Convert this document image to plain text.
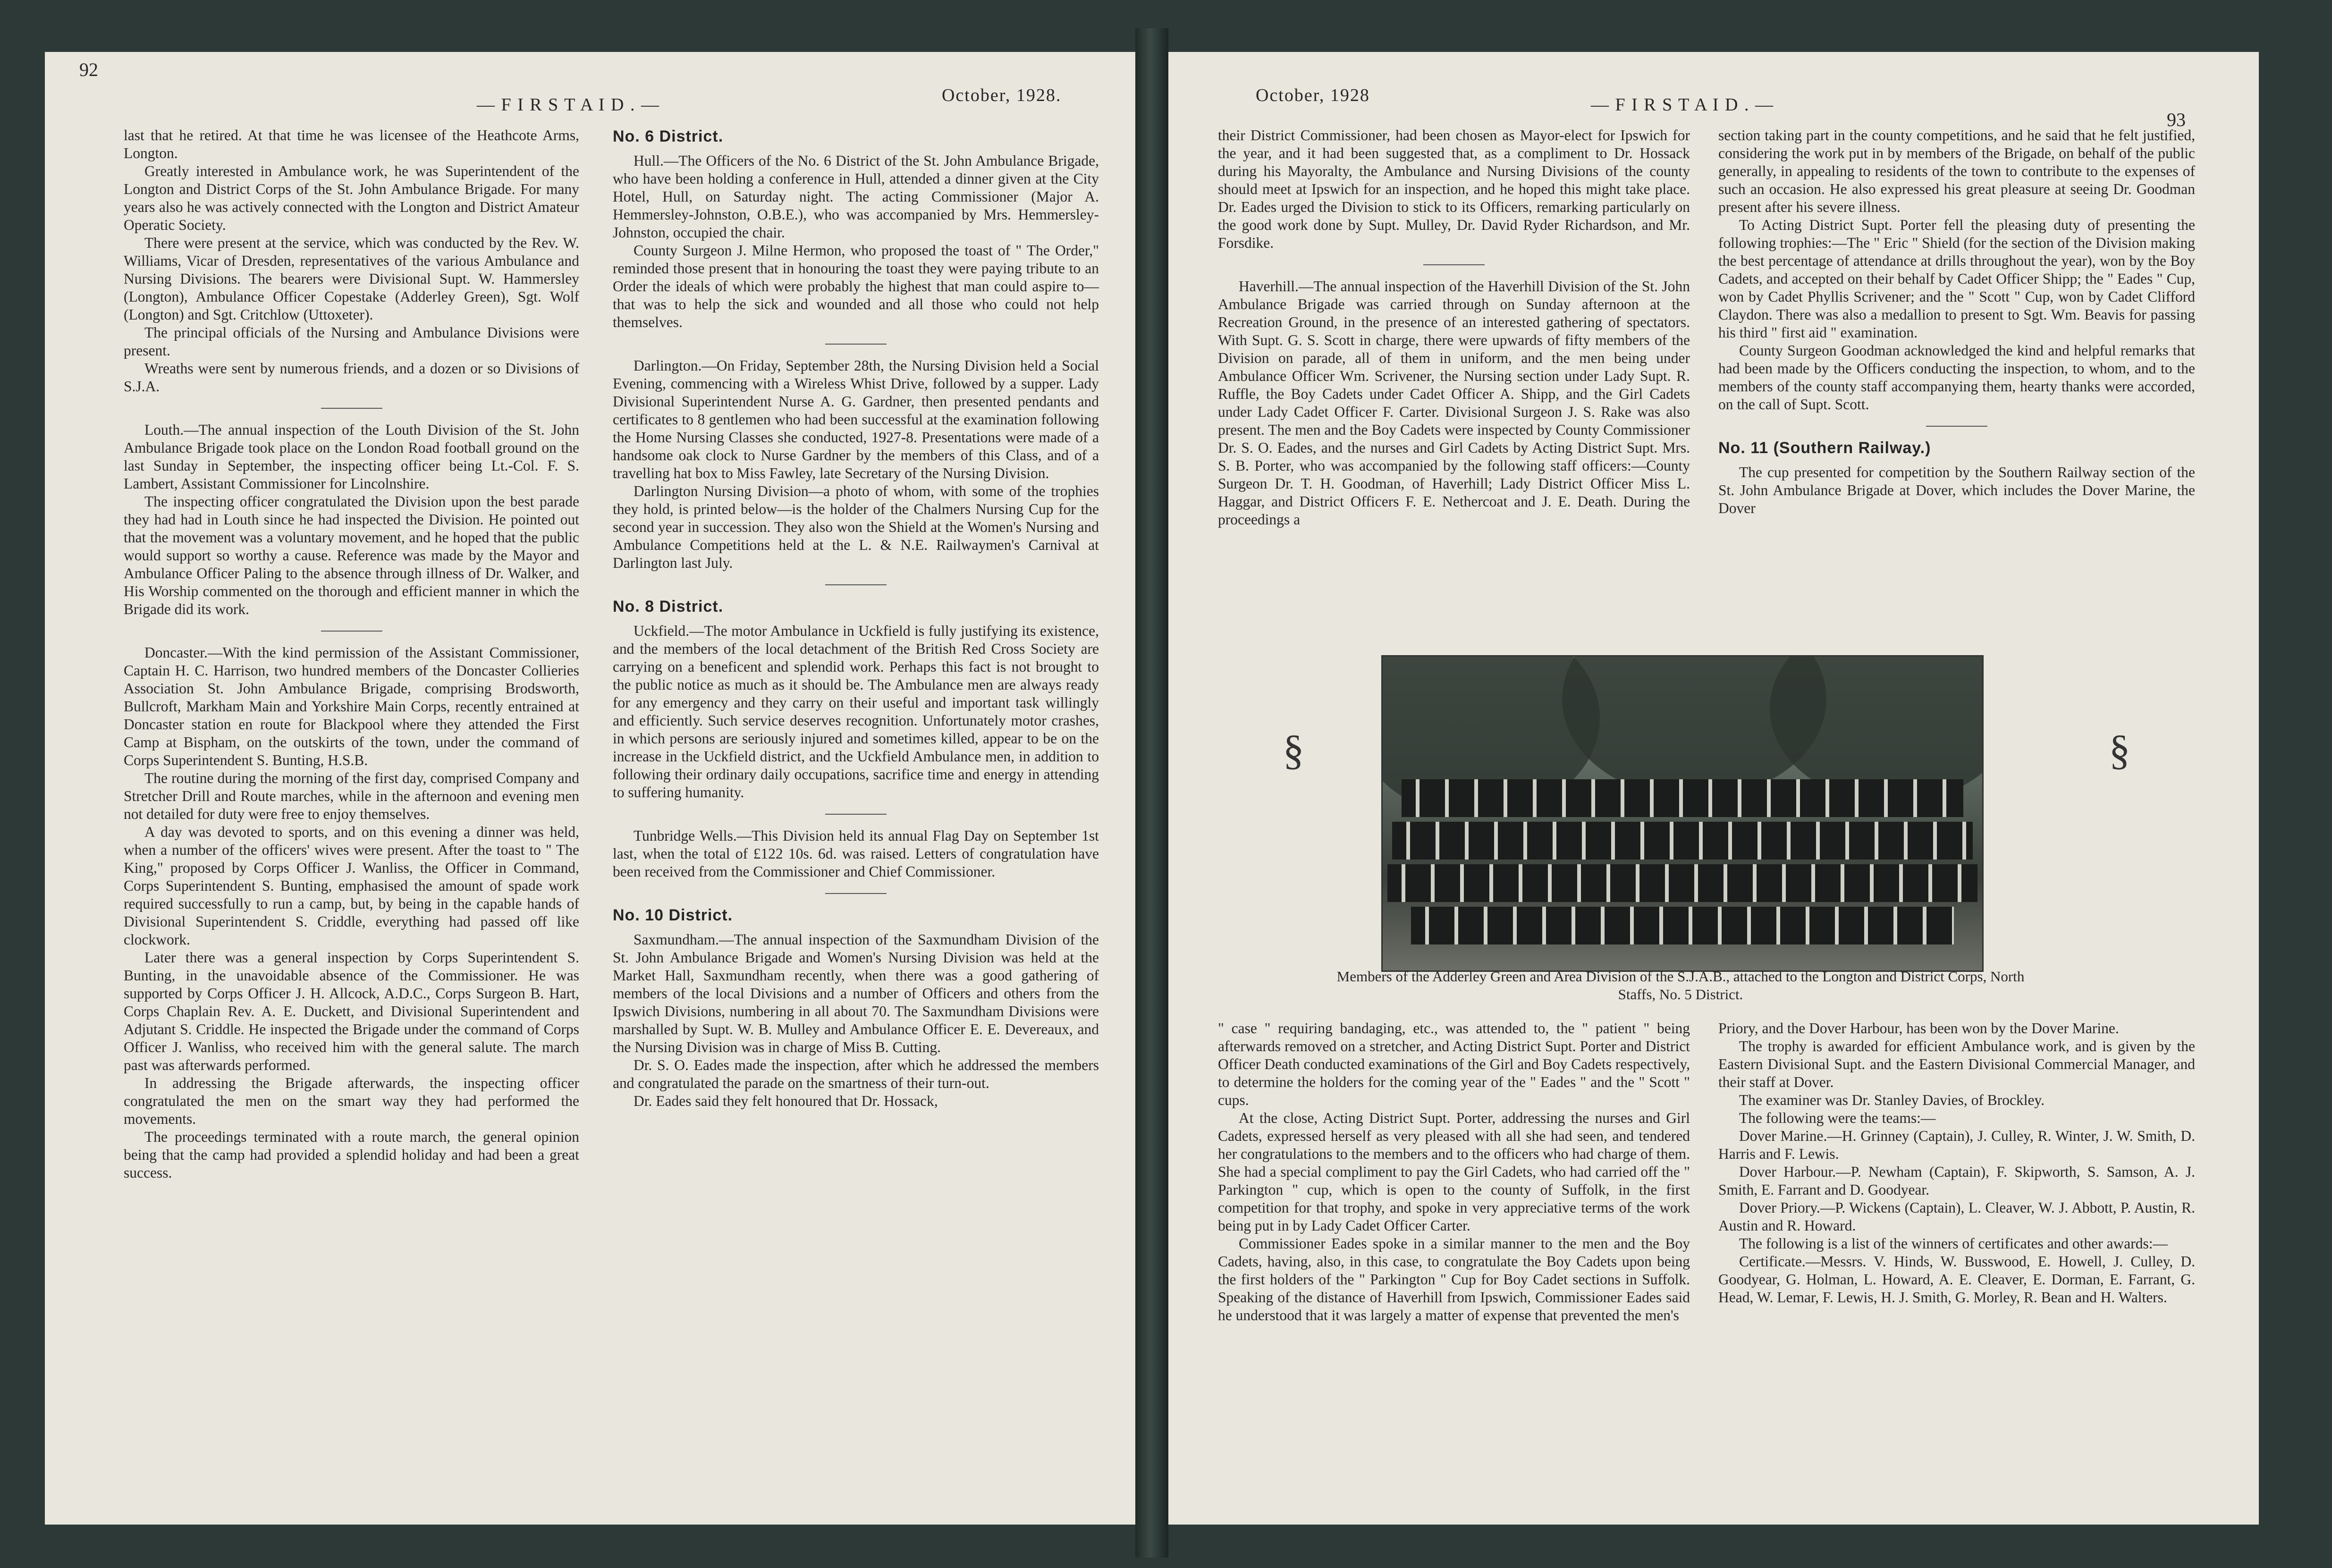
92
— F I R S T A I D . —	October, 1928.	October, 1928	— F I R S T A I D . —
93

last that he retired. At that time he was licensee of the Heathcote Arms, Longton.

Greatly interested in Ambulance work, he was Superintendent of the Longton and District Corps of the St. John Ambulance Brigade. For many years also he was actively connected with the Longton and District Amateur Operatic Society.

There were present at the service, which was conducted by the Rev. W. Williams, Vicar of Dresden, representatives of the various Ambulance and Nursing Divisions. The bearers were Divisional Supt. W. Hammersley (Longton), Ambulance Officer Copestake (Adderley Green), Sgt. Wolf (Longton) and Sgt. Critchlow (Uttoxeter).

The principal officials of the Nursing and Ambulance Divisions were present.

Wreaths were sent by numerous friends, and a dozen or so Divisions of S.J.A.

Louth.—The annual inspection of the Louth Division of the St. John Ambulance Brigade took place on the London Road football ground on the last Sunday in September, the inspecting officer being Lt.-Col. F. S. Lambert, Assistant Commissioner for Lincolnshire.

The inspecting officer congratulated the Division upon the best parade they had had in Louth since he had inspected the Division. He pointed out that the movement was a voluntary movement, and he hoped that the public would support so worthy a cause. Reference was made by the Mayor and Ambulance Officer Paling to the absence through illness of Dr. Walker, and His Worship commented on the thorough and efficient manner in which the Brigade did its work.

Doncaster.—With the kind permission of the Assistant Commissioner, Captain H. C. Harrison, two hundred members of the Doncaster Collieries Association St. John Ambulance Brigade, comprising Brodsworth, Bullcroft, Markham Main and Yorkshire Main Corps, recently entrained at Doncaster station en route for Blackpool where they attended the First Camp at Bispham, on the outskirts of the town, under the command of Corps Superintendent S. Bunting, H.S.B.

The routine during the morning of the first day, comprised Company and Stretcher Drill and Route marches, while in the afternoon and evening men not detailed for duty were free to enjoy themselves.

A day was devoted to sports, and on this evening a dinner was held, when a number of the officers' wives were present. After the toast to " The King," proposed by Corps Officer J. Wanliss, the Officer in Command, Corps Superintendent S. Bunting, emphasised the amount of spade work required successfully to run a camp, but, by being in the capable hands of Divisional Superintendent S. Criddle, everything had passed off like clockwork.

Later there was a general inspection by Corps Superintendent S. Bunting, in the unavoidable absence of the Commissioner. He was supported by Corps Officer J. H. Allcock, A.D.C., Corps Surgeon B. Hart, Corps Chaplain Rev. A. E. Duckett, and Divisional Superintendent and Adjutant S. Criddle. He inspected the Brigade under the command of Corps Officer J. Wanliss, who received him with the general salute. The march past was afterwards performed.

In addressing the Brigade afterwards, the inspecting officer congratulated the men on the smart way they had performed the movements.

The proceedings terminated with a route march, the general opinion being that the camp had provided a splendid holiday and had been a great success.

No. 6 District.

Hull.—The Officers of the No. 6 District of the St. John Ambulance Brigade, who have been holding a conference in Hull, attended a dinner given at the City Hotel, Hull, on Saturday night. The acting Commissioner (Major A. Hemmersley-Johnston, O.B.E.), who was accompanied by Mrs. Hemmersley-Johnston, occupied the chair.

County Surgeon J. Milne Hermon, who proposed the toast of " The Order," reminded those present that in honouring the toast they were paying tribute to an Order the ideals of which were probably the highest that man could aspire to—that was to help the sick and wounded and all those who could not help themselves.

Darlington.—On Friday, September 28th, the Nursing Division held a Social Evening, commencing with a Wireless Whist Drive, followed by a supper. Lady Divisional Superintendent Nurse A. G. Gardner, then presented pendants and certificates to 8 gentlemen who had been successful at the examination following the Home Nursing Classes she conducted, 1927-8. Presentations were made of a handsome oak clock to Nurse Gardner by the members of this Class, and of a travelling hat box to Miss Fawley, late Secretary of the Nursing Division.

Darlington Nursing Division—a photo of whom, with some of the trophies they hold, is printed below—is the holder of the Chalmers Nursing Cup for the second year in succession. They also won the Shield at the Women's Nursing and Ambulance Competitions held at the L. & N.E. Railwaymen's Carnival at Darlington last July.

No. 8 District.

Uckfield.—The motor Ambulance in Uckfield is fully justifying its existence, and the members of the local detachment of the British Red Cross Society are carrying on a beneficent and splendid work. Perhaps this fact is not brought to the public notice as much as it should be. The Ambulance men are always ready for any emergency and they carry on their useful and important task willingly and efficiently. Such service deserves recognition. Unfortunately motor crashes, in which persons are seriously injured and sometimes killed, appear to be on the increase in the Uckfield district, and the Uckfield Ambulance men, in addition to following their ordinary daily occupations, sacrifice time and energy in attending to suffering humanity.

Tunbridge Wells.—This Division held its annual Flag Day on September 1st last, when the total of £122 10s. 6d. was raised. Letters of congratulation have been received from the Commissioner and Chief Commissioner.

No. 10 District.

Saxmundham.—The annual inspection of the Saxmundham Division of the St. John Ambulance Brigade and Women's Nursing Division was held at the Market Hall, Saxmundham recently, when there was a good gathering of members of the local Divisions and a number of Officers and others from the Ipswich Divisions, numbering in all about 70. The Saxmundham Divisions were marshalled by Supt. W. B. Mulley and Ambulance Officer E. E. Devereaux, and the Nursing Division was in charge of Miss B. Cutting.

Dr. S. O. Eades made the inspection, after which he addressed the members and congratulated the parade on the smartness of their turn-out.

Dr. Eades said they felt honoured that Dr. Hossack,

their District Commissioner, had been chosen as Mayor-elect for Ipswich for the year, and it had been suggested that, as a compliment to Dr. Hossack during his Mayoralty, the Ambulance and Nursing Divisions of the county should meet at Ipswich for an inspection, and he hoped this might take place. Dr. Eades urged the Division to stick to its Officers, remarking particularly on the good work done by Supt. Mulley, Dr. David Ryder Richardson, and Mr. Forsdike.

Haverhill.—The annual inspection of the Haverhill Division of the St. John Ambulance Brigade was carried through on Sunday afternoon at the Recreation Ground, in the presence of an interested gathering of spectators. With Supt. G. S. Scott in charge, there were upwards of fifty members of the Division on parade, all of them in uniform, and the men being under Ambulance Officer Wm. Scrivener, the Nursing section under Lady Supt. R. Ruffle, the Boy Cadets under Cadet Officer A. Shipp, and the Girl Cadets under Lady Cadet Officer F. Carter. Divisional Surgeon J. S. Rake was also present. The men and the Boy Cadets were inspected by County Commissioner Dr. S. O. Eades, and the nurses and Girl Cadets by Acting District Supt. Mrs. S. B. Porter, who was accompanied by the following staff officers:—County Surgeon Dr. T. H. Goodman, of Haverhill; Lady District Officer Miss L. Haggar, and District Officers F. E. Nethercoat and J. E. Death. During the proceedings a

section taking part in the county competitions, and he said that he felt justified, considering the work put in by members of the Brigade, on behalf of the public generally, in appealing to residents of the town to contribute to the expenses of such an occasion. He also expressed his great pleasure at seeing Dr. Goodman present after his severe illness.

To Acting District Supt. Porter fell the pleasing duty of presenting the following trophies:—The " Eric " Shield (for the section of the Division making the best percentage of attendance at drills throughout the year), won by the Boy Cadets, and accepted on their behalf by Cadet Officer Shipp; the " Eades " Cup, won by Cadet Phyllis Scrivener; and the " Scott " Cup, won by Cadet Clifford Claydon. There was also a medallion to present to Sgt. Wm. Beavis for passing his third " first aid " examination.

County Surgeon Goodman acknowledged the kind and helpful remarks that had been made by the Officers conducting the inspection, to whom, and to the members of the county staff accompanying them, hearty thanks were accorded, on the call of Supt. Scott.

No. 11 (Southern Railway.)

The cup presented for competition by the Southern Railway section of the St. John Ambulance Brigade at Dover, which includes the Dover Marine, the Dover

§	§
Members of the Adderley Green and Area Division of the S.J.A.B., attached to the Longton and District Corps, North Staffs, No. 5 District.

" case " requiring bandaging, etc., was attended to, the " patient " being afterwards removed on a stretcher, and Acting District Supt. Porter and District Officer Death conducted examinations of the Girl and Boy Cadets respectively, to determine the holders for the coming year of the " Eades " and the " Scott " cups.

At the close, Acting District Supt. Porter, addressing the nurses and Girl Cadets, expressed herself as very pleased with all she had seen, and tendered her congratulations to the members and to the officers who had charge of them. She had a special compliment to pay the Girl Cadets, who had carried off the " Parkington " cup, which is open to the county of Suffolk, in the first competition for that trophy, and spoke in very appreciative terms of the work being put in by Lady Cadet Officer Carter.

Commissioner Eades spoke in a similar manner to the men and the Boy Cadets, having, also, in this case, to congratulate the Boy Cadets upon being the first holders of the " Parkington " Cup for Boy Cadet sections in Suffolk. Speaking of the distance of Haverhill from Ipswich, Commissioner Eades said he understood that it was largely a matter of expense that prevented the men's

Priory, and the Dover Harbour, has been won by the Dover Marine.

The trophy is awarded for efficient Ambulance work, and is given by the Eastern Divisional Supt. and the Eastern Divisional Commercial Manager, and their staff at Dover.

The examiner was Dr. Stanley Davies, of Brockley.

The following were the teams:—

Dover Marine.—H. Grinney (Captain), J. Culley, R. Winter, J. W. Smith, D. Harris and F. Lewis.

Dover Harbour.—P. Newham (Captain), F. Skipworth, S. Samson, A. J. Smith, E. Farrant and D. Goodyear.

Dover Priory.—P. Wickens (Captain), L. Cleaver, W. J. Abbott, P. Austin, R. Austin and R. Howard.

The following is a list of the winners of certificates and other awards:—

Certificate.—Messrs. V. Hinds, W. Busswood, E. Howell, J. Culley, D. Goodyear, G. Holman, L. Howard, A. E. Cleaver, E. Dorman, E. Farrant, G. Head, W. Lemar, F. Lewis, H. J. Smith, G. Morley, R. Bean and H. Walters.
